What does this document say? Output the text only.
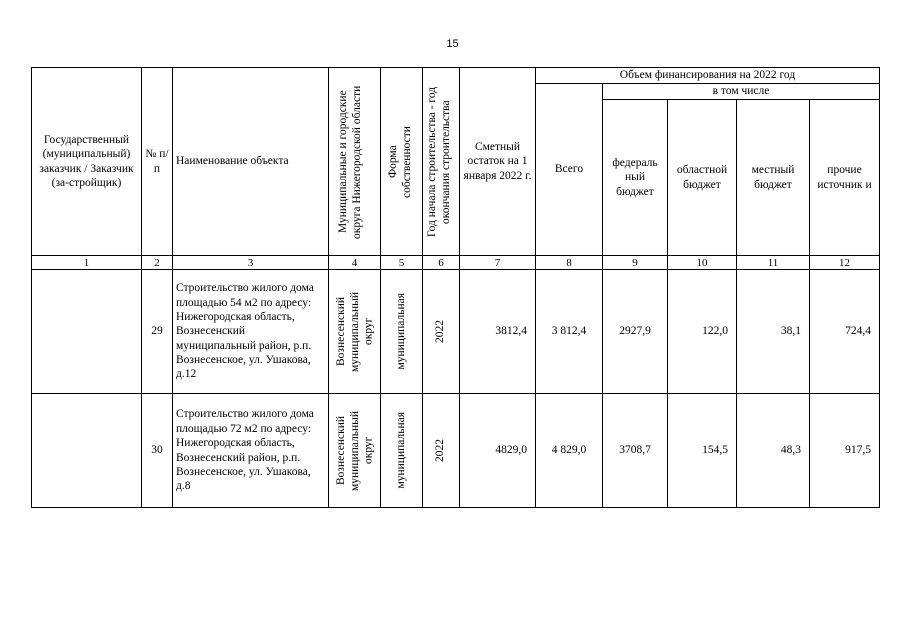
15
Государственный (муниципальный) заказчик / Заказчик (за-стройщик)	№ п/п	Наименование объекта	Муниципальные и городские округа Нижегородской области	Форма собственности	Год начала строительства - год окончания строительства	Сметный остаток на 1 января 2022 г.	Объем финансирования на 2022 год				
							Всего	в том числе			
								федераль ный бюджет	областной бюджет	местный бюджет	прочие источник и
1	2	3	4	5	6	7	8	9	10	11	12
	29	Строительство жилого дома площадью 54 м2 по адресу: Нижегородская область, Вознесенский муниципальный район, р.п. Вознесенское, ул. Ушакова, д.12	Вознесенский муниципальный округ	муниципальная	2022	3812,4	3 812,4	2927,9	122,0	38,1	724,4
	30	Строительство жилого дома площадью 72 м2 по адресу: Нижегородская область, Вознесенский район, р.п. Вознесенское, ул. Ушакова, д.8	Вознесенский муниципальный округ	муниципальная	2022	4829,0	4 829,0	3708,7	154,5	48,3	917,5
